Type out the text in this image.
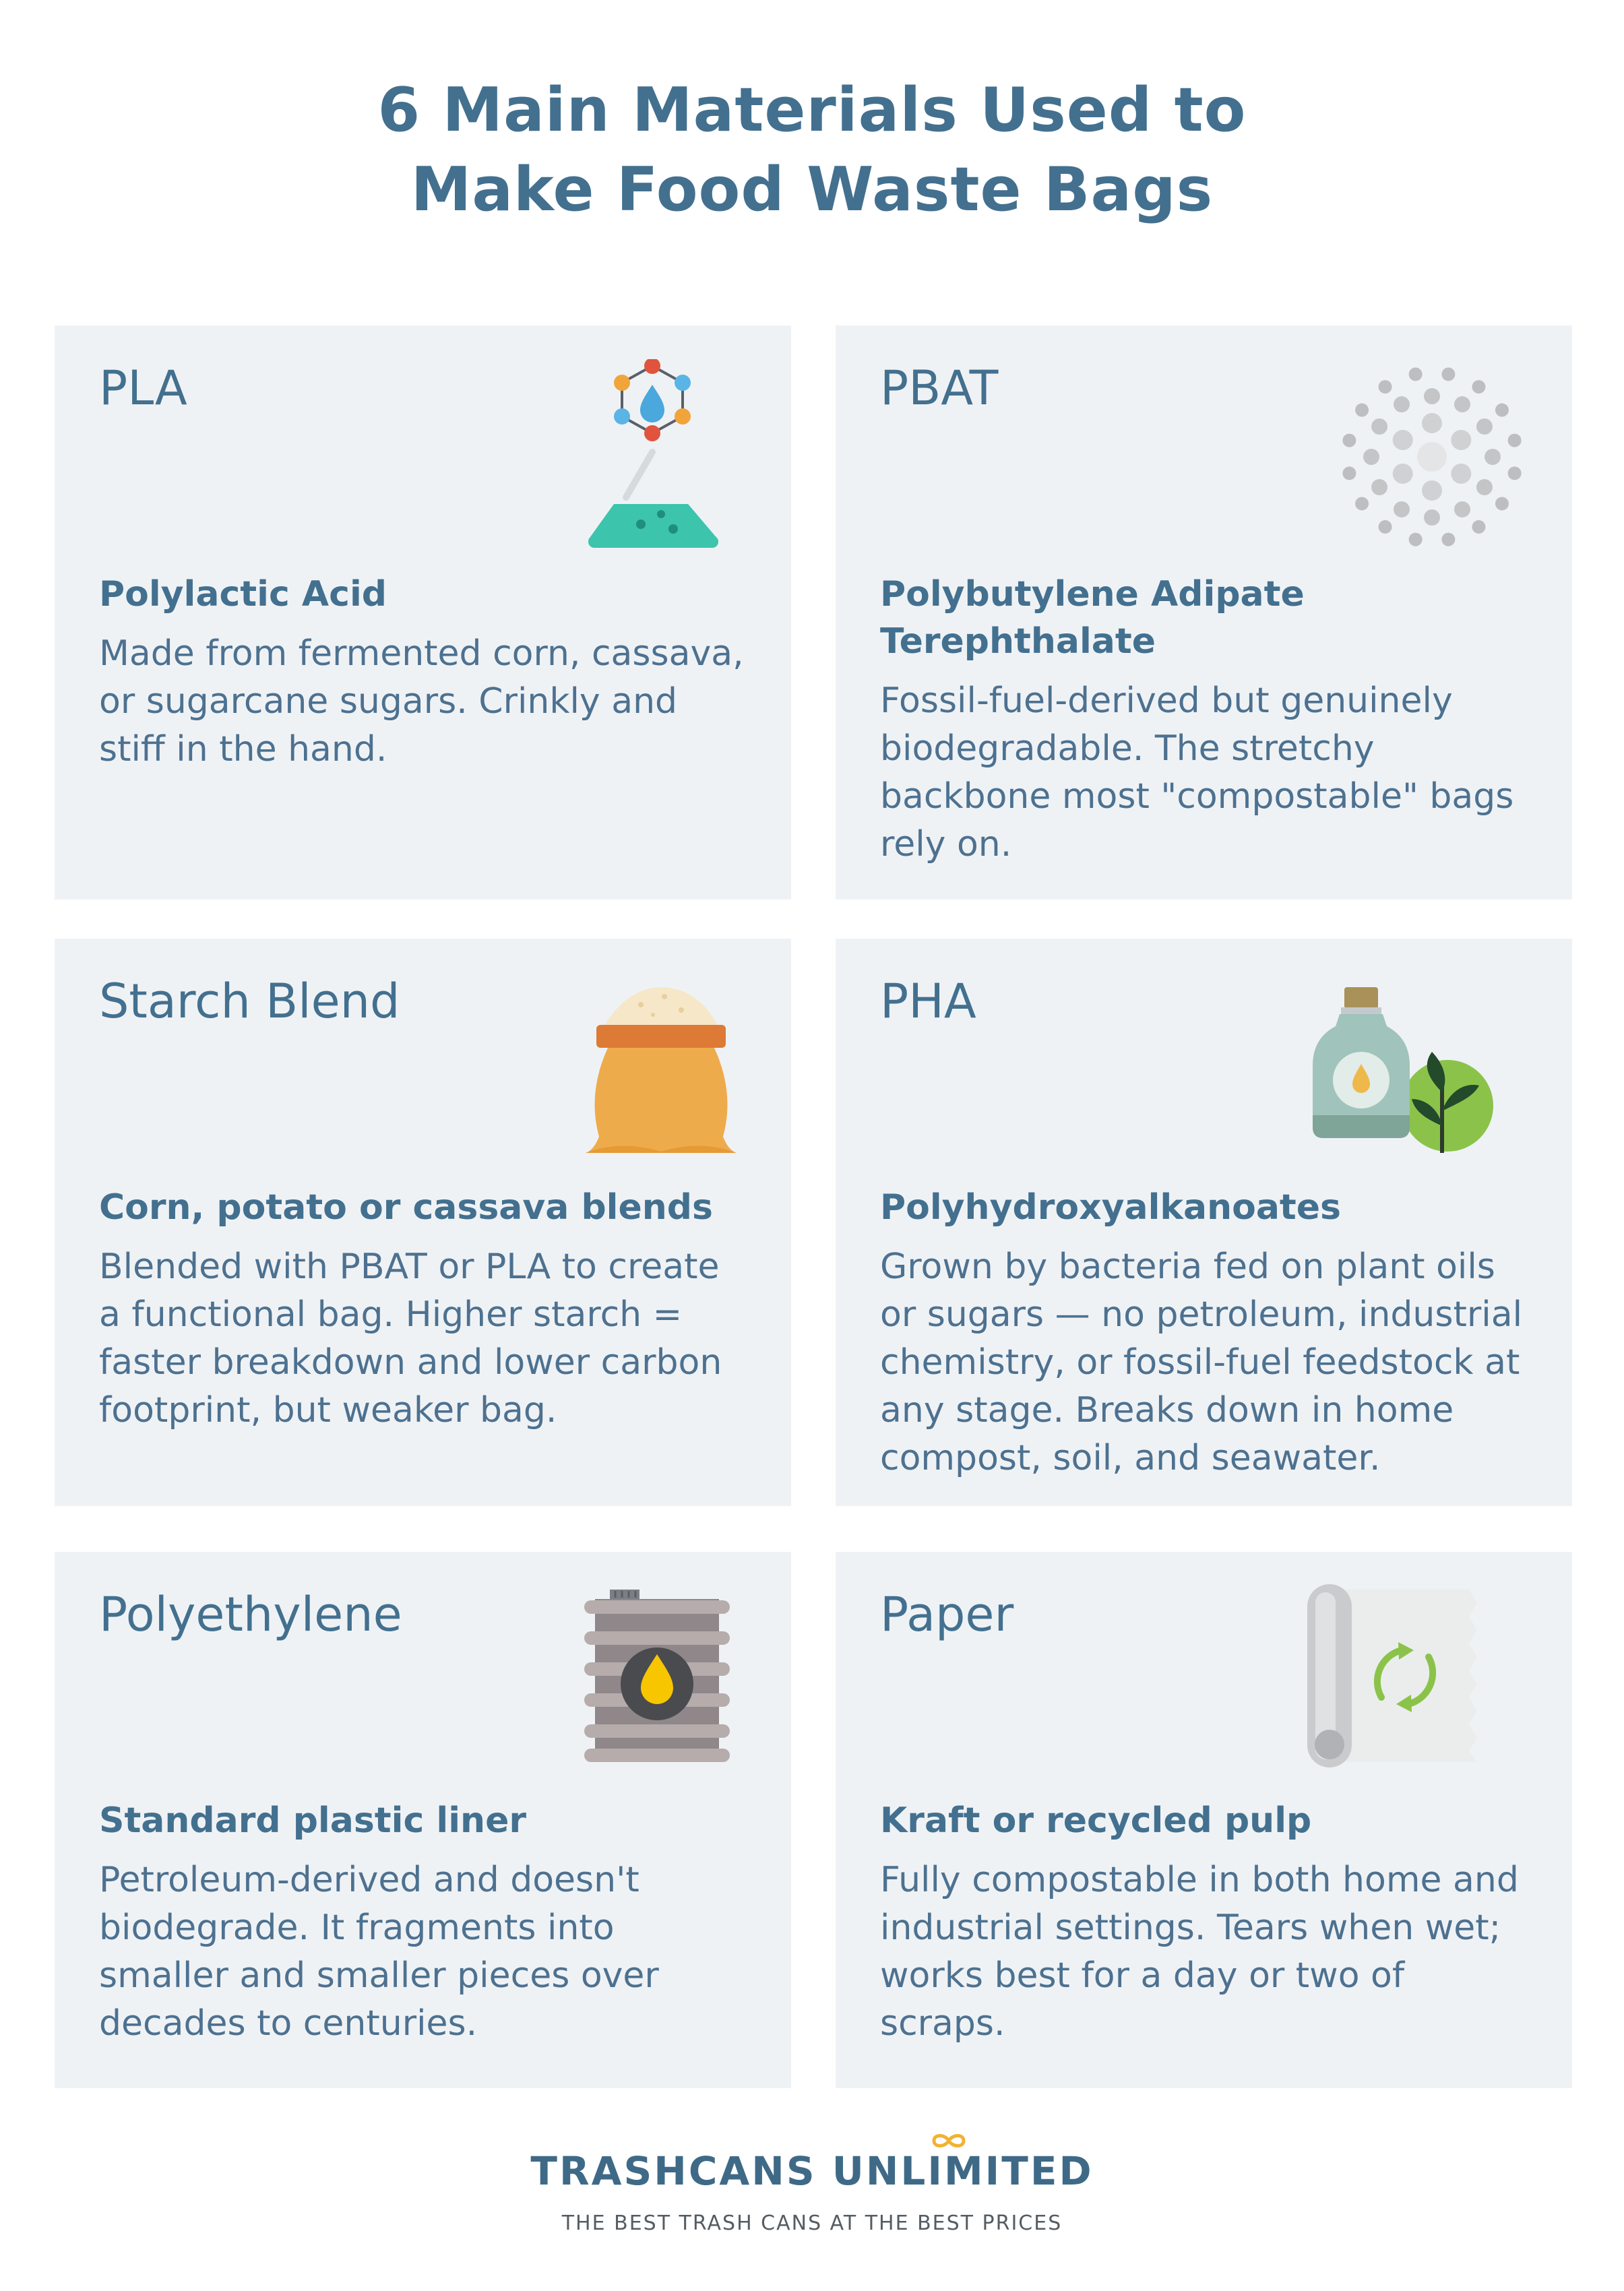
6 Main Materials Used to
Make Food Waste Bags
PLA
Polylactic Acid

Made from fermented corn, cassava, or sugarcane sugars. Crinkly and stiff in the hand.

PBAT
Polybutylene Adipate Terephthalate

Fossil-fuel-derived but genuinely biodegradable. The stretchy backbone most "compostable" bags rely on.

Starch Blend
Corn, potato or cassava blends

Blended with PBAT or PLA to create a functional bag. Higher starch = faster breakdown and lower carbon footprint, but weaker bag.

PHA
Polyhydroxyalkanoates

Grown by bacteria fed on plant oils or sugars — no petroleum, industrial chemistry, or fossil-fuel feedstock at any stage. Breaks down in home compost, soil, and seawater.

Polyethylene
Standard plastic liner

Petroleum-derived and doesn't biodegrade. It fragments into smaller and smaller pieces over decades to centuries.

Paper
Kraft or recycled pulp

Fully compostable in both home and industrial settings. Tears when wet; works best for a day or two of scraps.

TRASHCANS UNLIMITED
THE BEST TRASH CANS AT THE BEST PRICES
